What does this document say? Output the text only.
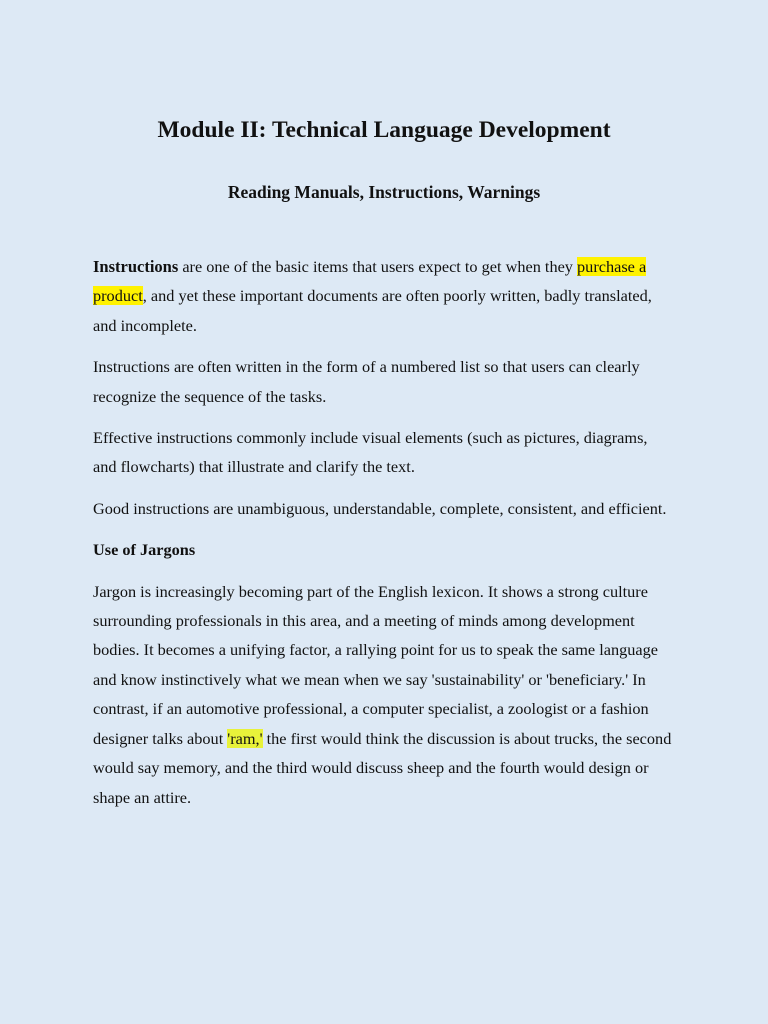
Module II: Technical Language Development
Reading Manuals, Instructions, Warnings

Instructions are one of the basic items that users expect to get when they purchase a product, and yet these important documents are often poorly written, badly translated, and incomplete.

Instructions are often written in the form of a numbered list so that users can clearly recognize the sequence of the tasks.

Effective instructions commonly include visual elements (such as pictures, diagrams, and flowcharts) that illustrate and clarify the text.

Good instructions are unambiguous, understandable, complete, consistent, and efficient.

Use of Jargons

Jargon is increasingly becoming part of the English lexicon. It shows a strong culture surrounding professionals in this area, and a meeting of minds among development bodies. It becomes a unifying factor, a rallying point for us to speak the same language and know instinctively what we mean when we say 'sustainability' or 'beneficiary.' In contrast, if an automotive professional, a computer specialist, a zoologist or a fashion designer talks about 'ram,' the first would think the discussion is about trucks, the second would say memory, and the third would discuss sheep and the fourth would design or shape an attire.
